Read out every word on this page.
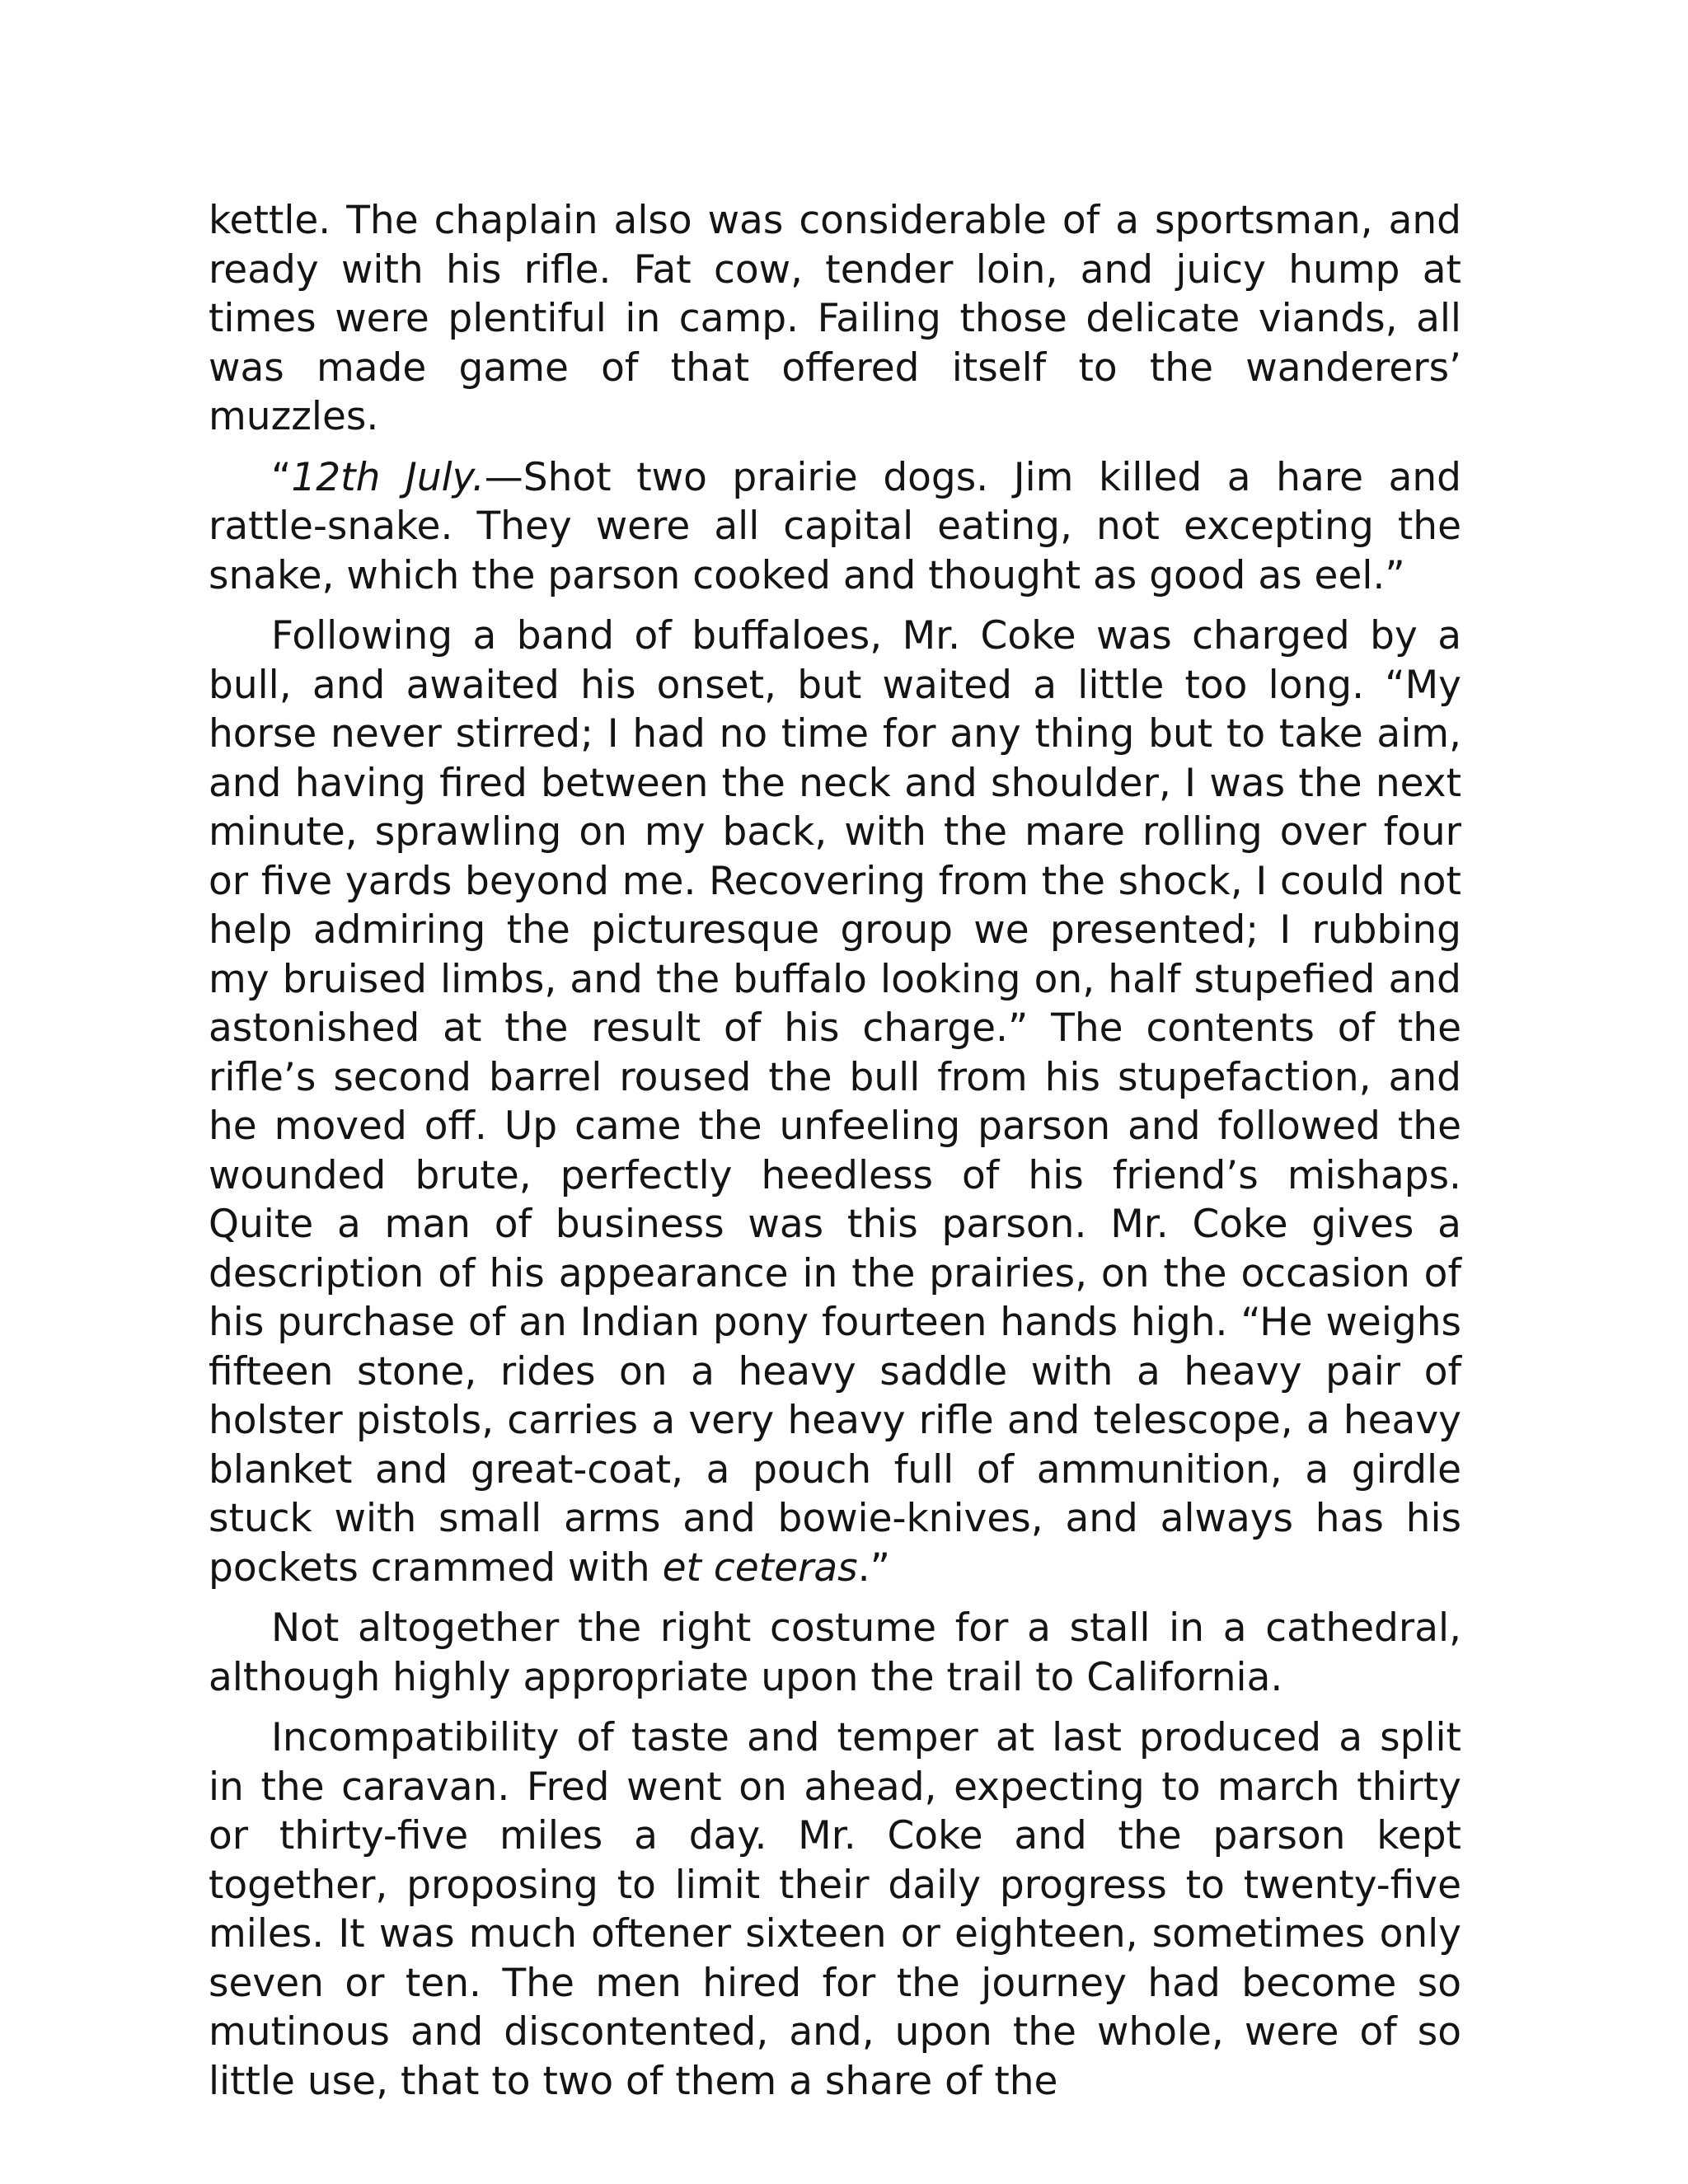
kettle. The chaplain also was considerable of a sportsman, and ready with his rifle. Fat cow, tender loin, and juicy hump at times were plentiful in camp. Failing those delicate viands, all was made game of that offered itself to the wanderers’ muzzles.

“12th July.—Shot two prairie dogs. Jim killed a hare and rattle-snake. They were all capital eating, not excepting the snake, which the parson cooked and thought as good as eel.”

Following a band of buffaloes, Mr. Coke was charged by a bull, and awaited his onset, but waited a little too long. “My horse never stirred; I had no time for any thing but to take aim, and having fired between the neck and shoulder, I was the next minute, sprawling on my back, with the mare rolling over four or five yards beyond me. Recovering from the shock, I could not help admiring the picturesque group we presented; I rubbing my bruised limbs, and the buffalo looking on, half stupefied and astonished at the result of his charge.” The contents of the rifle’s second barrel roused the bull from his stupefaction, and he moved off. Up came the unfeeling parson and followed the wounded brute, perfectly heedless of his friend’s mishaps. Quite a man of business was this parson. Mr. Coke gives a description of his appearance in the prairies, on the occasion of his purchase of an Indian pony fourteen hands high. “He weighs fifteen stone, rides on a heavy saddle with a heavy pair of holster pistols, carries a very heavy rifle and telescope, a heavy blanket and great-coat, a pouch full of ammunition, a girdle stuck with small arms and bowie-knives, and always has his pockets crammed with et ceteras.”

Not altogether the right costume for a stall in a cathedral, although highly appropriate upon the trail to California.

Incompatibility of taste and temper at last produced a split in the caravan. Fred went on ahead, expecting to march thirty or thirty-five miles a day. Mr. Coke and the parson kept together, proposing to limit their daily progress to twenty-five miles. It was much oftener sixteen or eighteen, sometimes only seven or ten. The men hired for the journey had become so mutinous and discontented, and, upon the whole, were of so little use, that to two of them a share of the
